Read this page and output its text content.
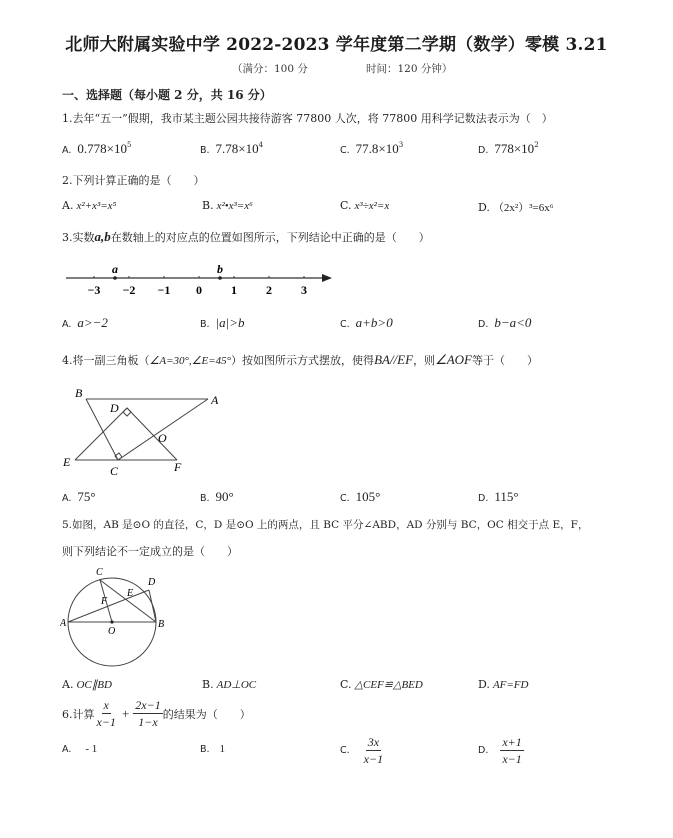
北师大附属实验中学 2022-2023 学年度第二学期（数学）零模 3.21
（满分：100 分	时间：120 分钟）
一、选择题（每小题 2 分，共 16 分）
1.去年“五一”假期，我市某主题公园共接待游客 77800 人次，将 77800 用科学记数法表示为（　）
A. $0.778\times 10^5$	B. $7.78\times 10^4$	C. $77.8\times 10^3$	D. $778\times 10^2$
2.下列计算正确的是（　　）
A. x²+x³=x⁵	B. x²•x³=x⁶	C. x³÷x²=x	D. （2x²）³=6x⁶
3.实数a,b在数轴上的对应点的位置如图所示，下列结论中正确的是（　　）
−3 −2 −1 0 1 2 3
a	b
A. a>−2	B. |a|>b	C. a+b>0	D. b−a<0
4.将一副三角板（∠A=30°,∠E=45°）按如图所示方式摆放，使得BA//EF，则∠AOF等于（　　）
B	A
D
O
E
C	F
A. 75°	B. 90°	C. 105°	D. 115°
5.如图，AB 是⊙O 的直径，C，D 是⊙O 上的两点，且 BC 平分∠ABD，AD 分别与 BC，OC 相交于点 E，F，
则下列结论不一定成立的是（　　）
C
D
E
F
A
O
B
A. OC∥BD	B. AD⊥OC	C. △CEF≌△BED	D. AF=FD
6.计算 $\frac{x}{x-1} + \frac{2x-1}{1-x}$ 的结果为（　　）
A. - 1	B. 1	C. $\frac{3x}{x-1}$	D. $\frac{x+1}{x-1}$
